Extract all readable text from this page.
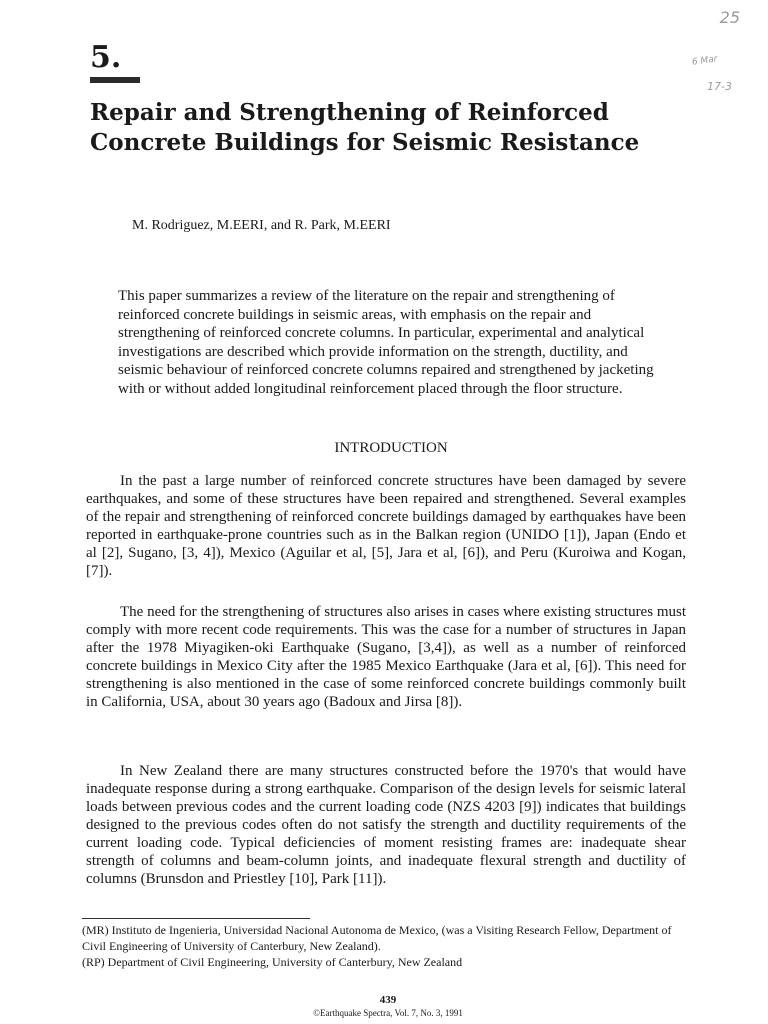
25
6 Mar
17-3
5.
Repair and Strengthening of Reinforced Concrete Buildings for Seismic Resistance
M. Rodriguez, M.EERI, and R. Park, M.EERI

This paper summarizes a review of the literature on the repair and strengthening of reinforced concrete buildings in seismic areas, with emphasis on the repair and strengthening of reinforced concrete columns. In particular, experimental and analytical investigations are described which provide information on the strength, ductility, and seismic behaviour of reinforced concrete columns repaired and strengthened by jacketing with or without added longitudinal reinforcement placed through the floor structure.

INTRODUCTION

In the past a large number of reinforced concrete structures have been damaged by severe earthquakes, and some of these structures have been repaired and strengthened. Several examples of the repair and strengthening of reinforced concrete buildings damaged by earthquakes have been reported in earthquake-prone countries such as in the Balkan region (UNIDO [1]), Japan (Endo et al [2], Sugano, [3, 4]), Mexico (Aguilar et al, [5], Jara et al, [6]), and Peru (Kuroiwa and Kogan, [7]).

The need for the strengthening of structures also arises in cases where existing structures must comply with more recent code requirements. This was the case for a number of structures in Japan after the 1978 Miyagiken-oki Earthquake (Sugano, [3,4]), as well as a number of reinforced concrete buildings in Mexico City after the 1985 Mexico Earthquake (Jara et al, [6]). This need for strengthening is also mentioned in the case of some reinforced concrete buildings commonly built in California, USA, about 30 years ago (Badoux and Jirsa [8]).

In New Zealand there are many structures constructed before the 1970's that would have inadequate response during a strong earthquake. Comparison of the design levels for seismic lateral loads between previous codes and the current loading code (NZS 4203 [9]) indicates that buildings designed to the previous codes often do not satisfy the strength and ductility requirements of the current loading code. Typical deficiencies of moment resisting frames are: inadequate shear strength of columns and beam-column joints, and inadequate flexural strength and ductility of columns (Brunsdon and Priestley [10], Park [11]).

(MR) Instituto de Ingenieria, Universidad Nacional Autonoma de Mexico, (was a Visiting Research Fellow, Department of Civil Engineering of University of Canterbury, New Zealand).

(RP) Department of Civil Engineering, University of Canterbury, New Zealand

439
©Earthquake Spectra, Vol. 7, No. 3, 1991
